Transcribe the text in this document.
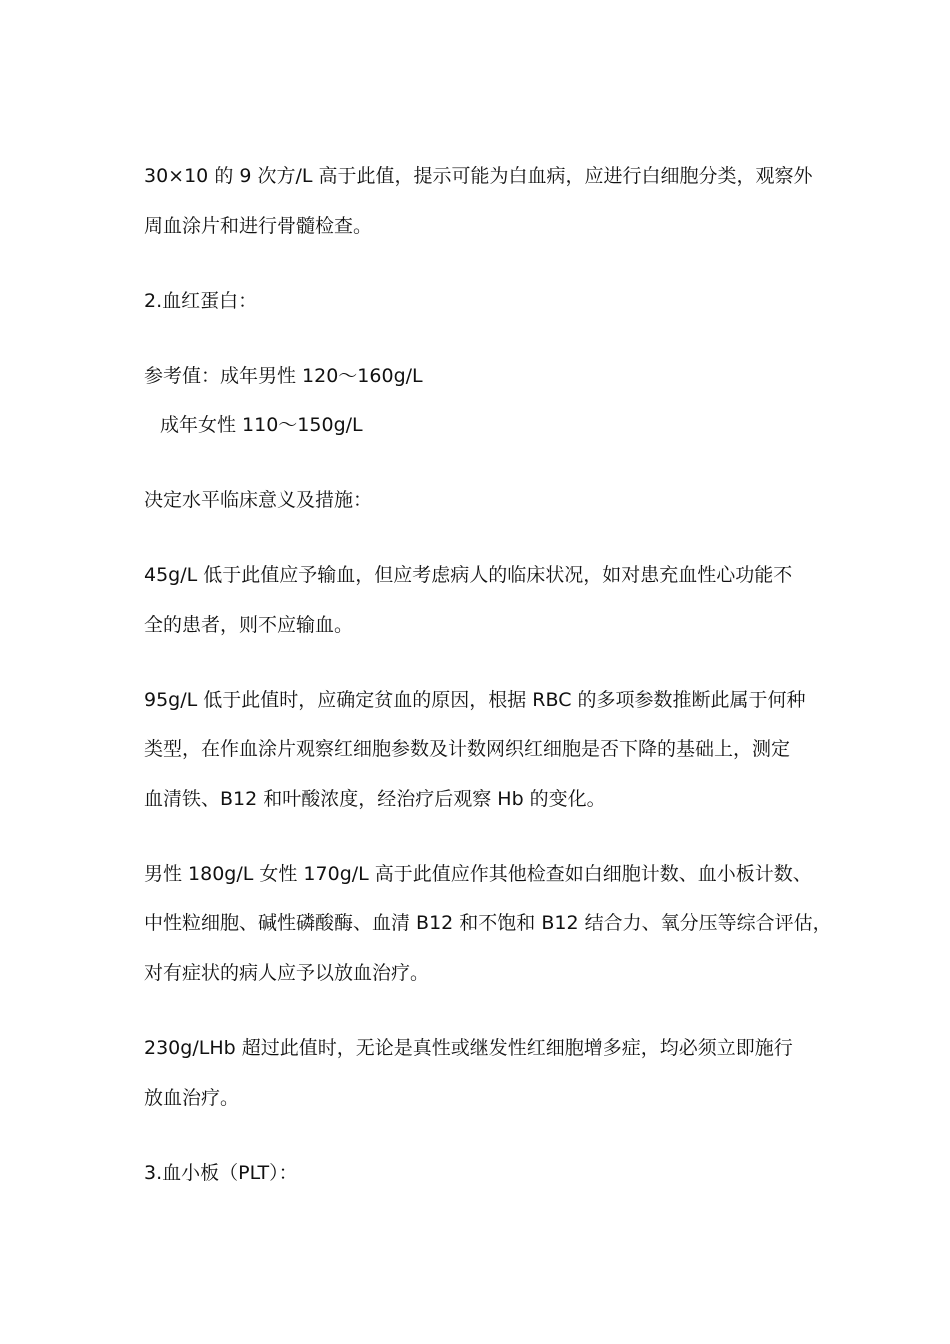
30×10 的 9 次方/L 高于此值，提示可能为白血病，应进行白细胞分类，观察外
周血涂片和进行骨髓检查。
2.血红蛋白：
参考值：成年男性 120～160g/L
成年女性 110～150g/L
决定水平临床意义及措施：
45g/L 低于此值应予输血，但应考虑病人的临床状况，如对患充血性心功能不
全的患者，则不应输血。
95g/L 低于此值时，应确定贫血的原因，根据 RBC 的多项参数推断此属于何种
类型，在作血涂片观察红细胞参数及计数网织红细胞是否下降的基础上，测定
血清铁、B12 和叶酸浓度，经治疗后观察 Hb 的变化。
男性 180g/L 女性 170g/L 高于此值应作其他检查如白细胞计数、血小板计数、
中性粒细胞、碱性磷酸酶、血清 B12 和不饱和 B12 结合力、氧分压等综合评估，
对有症状的病人应予以放血治疗。
230g/LHb 超过此值时，无论是真性或继发性红细胞增多症，均必须立即施行
放血治疗。
3.血小板（PLT）：
